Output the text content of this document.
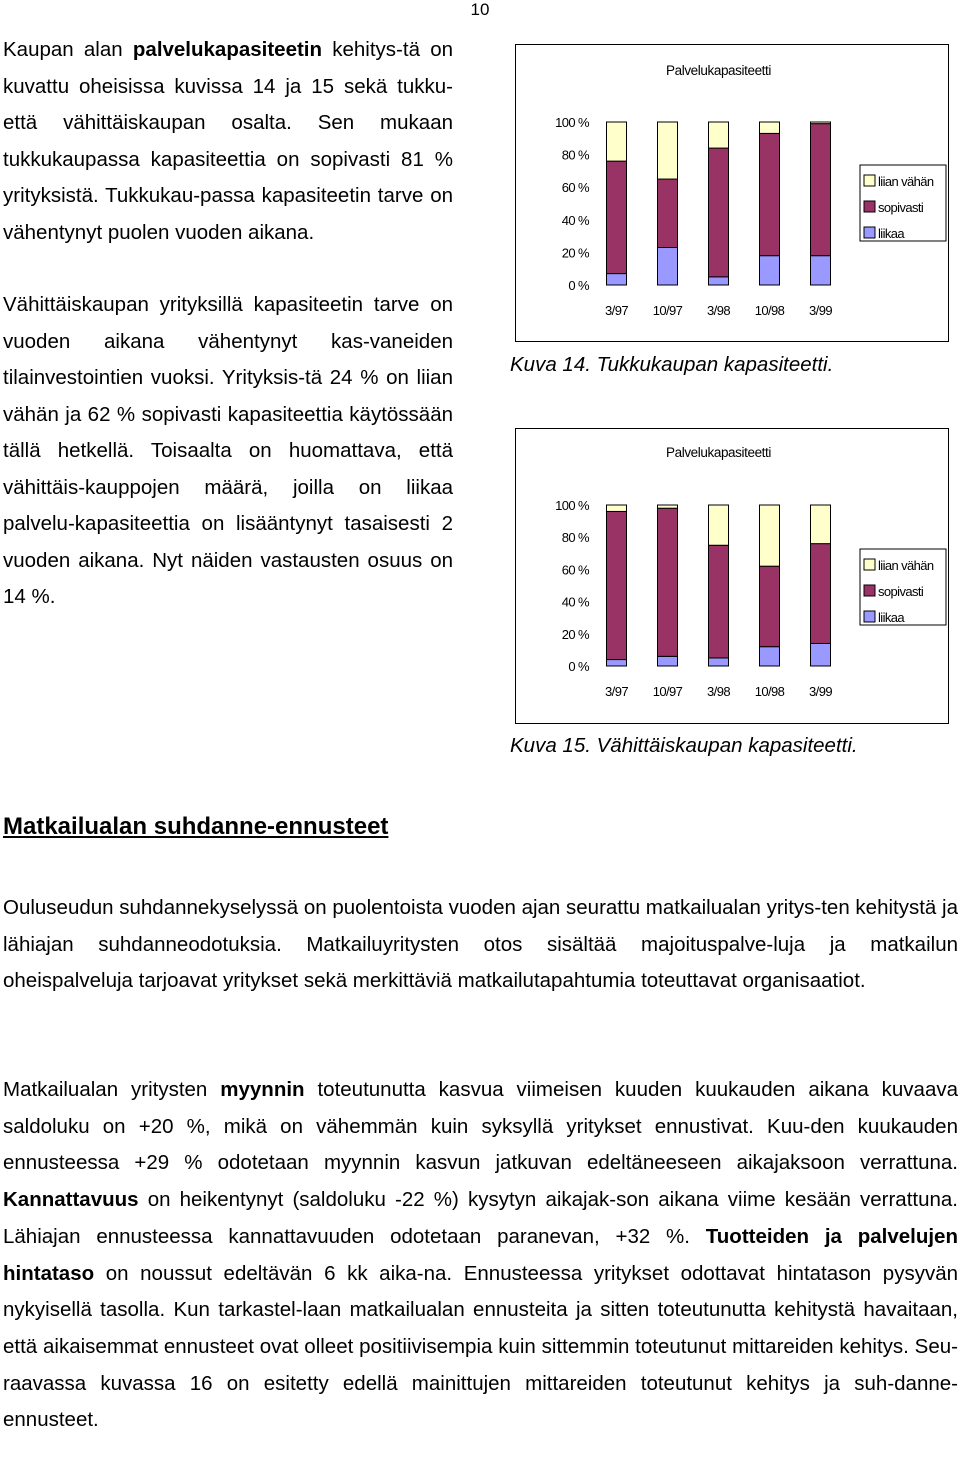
10

Kaupan alan palvelukapasiteetin kehitys-tä on kuvattu oheisissa kuvissa 14 ja 15 sekä tukku- että vähittäiskaupan osalta. Sen mukaan tukkukaupassa kapasiteettia on sopivasti 81 % yrityksistä. Tukkukau-passa kapasiteetin tarve on vähentynyt puolen vuoden aikana.

Vähittäiskaupan yrityksillä kapasiteetin tarve on vuoden aikana vähentynyt kas-vaneiden tilainvestointien vuoksi. Yrityksis-tä 24 % on liian vähän ja 62 % sopivasti kapasiteettia käytössään tällä hetkellä. Toisaalta on huomattava, että vähittäis-kauppojen määrä, joilla on liikaa palvelu-kapasiteettia on lisääntynyt tasaisesti 2 vuoden aikana. Nyt näiden vastausten osuus on 14 %.

Palvelukapasiteetti
100 %
80 %
60 %
40 %
20 %
0 %
3/97 10/97 3/98 10/98 3/99
liian vähän
sopivasti
liikaa
Kuva 14. Tukkukaupan kapasiteetti.
Palvelukapasiteetti
100 %
80 %
60 %
40 %
20 %
0 %
3/97 10/97 3/98 10/98 3/99
liian vähän
sopivasti
liikaa
Kuva 15. Vähittäiskaupan kapasiteetti.
Matkailualan suhdanne-ennusteet

Ouluseudun suhdannekyselyssä on puolentoista vuoden ajan seurattu matkailualan yritys-ten kehitystä ja lähiajan suhdanneodotuksia. Matkailuyritysten otos sisältää majoituspalve-luja ja matkailun oheispalveluja tarjoavat yritykset sekä merkittäviä matkailutapahtumia toteuttavat organisaatiot.

Matkailualan yritysten myynnin toteutunutta kasvua viimeisen kuuden kuukauden aikana kuvaava saldoluku on +20 %, mikä on vähemmän kuin syksyllä yritykset ennustivat. Kuu-den kuukauden ennusteessa +29 % odotetaan myynnin kasvun jatkuvan edeltäneeseen aikajaksoon verrattuna. Kannattavuus on heikentynyt (saldoluku -22 %) kysytyn aikajak-son aikana viime kesään verrattuna. Lähiajan ennusteessa kannattavuuden odotetaan paranevan, +32 %. Tuotteiden ja palvelujen hintataso on noussut edeltävän 6 kk aika-na. Ennusteessa yritykset odottavat hintatason pysyvän nykyisellä tasolla. Kun tarkastel-laan matkailualan ennusteita ja sitten toteutunutta kehitystä havaitaan, että aikaisemmat ennusteet ovat olleet positiivisempia kuin sittemmin toteutunut mittareiden kehitys. Seu-raavassa kuvassa 16 on esitetty edellä mainittujen mittareiden toteutunut kehitys ja suh-danne-ennusteet.
